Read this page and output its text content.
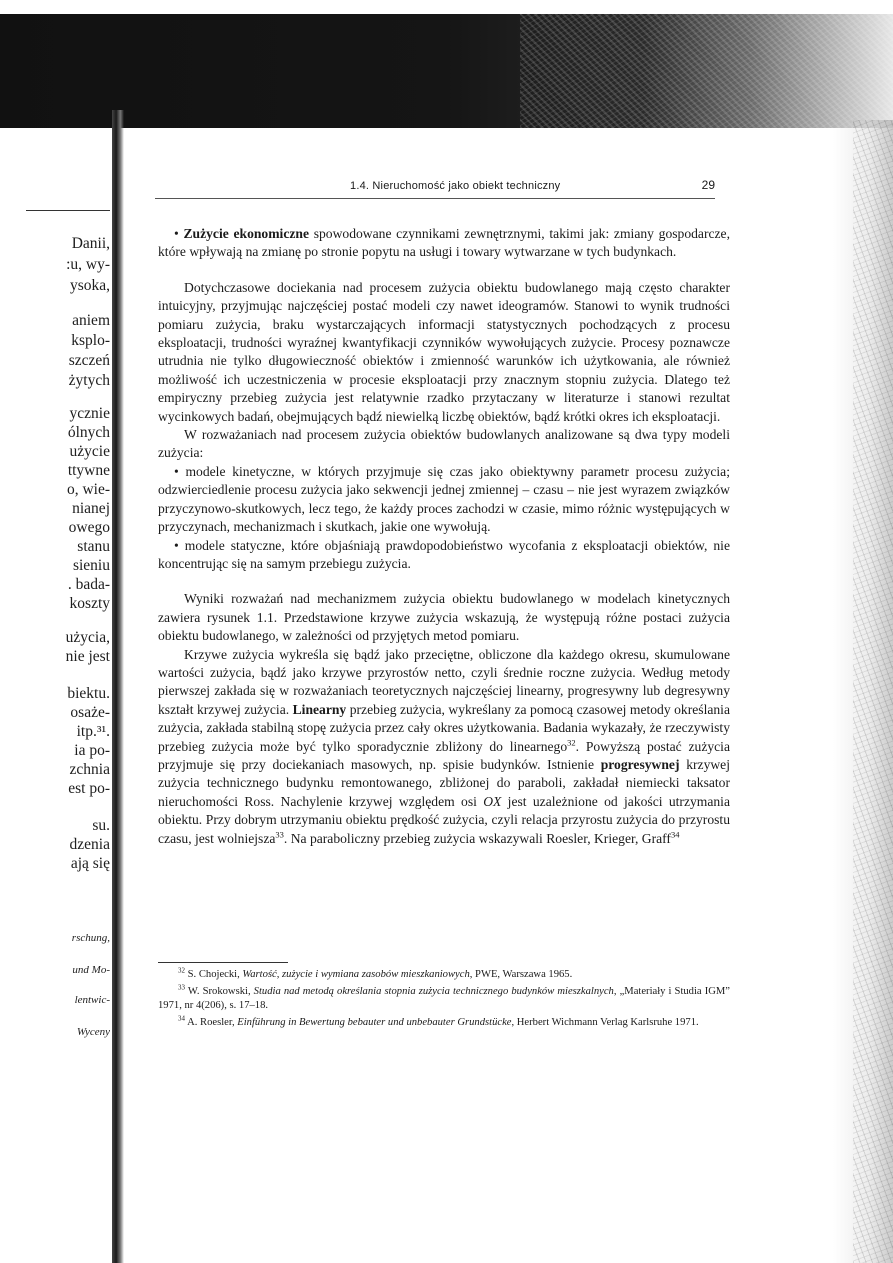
Danii,
:u, wy-
ysoka,
aniem
ksplo-
szczeń
żytych
ycznie
ólnych
użycie
ttywne
o, wie-
nianej
owego
stanu
sieniu
. bada-
koszty
użycia,
nie jest
biektu.
osaże-
itp.³¹.
ia po-
zchnia
est po-
su.
dzenia
ają się
rschung,
und Mo-
lentwic-
Wyceny
1.4. Nieruchomość jako obiekt techniczny	29

• Zużycie ekonomiczne spowodowane czynnikami zewnętrznymi, takimi jak: zmiany gospodarcze, które wpływają na zmianę po stronie popytu na usługi i towary wytwarzane w tych budynkach.

Dotychczasowe dociekania nad procesem zużycia obiektu budowlanego mają często charakter intuicyjny, przyjmując najczęściej postać modeli czy nawet ideogramów. Stanowi to wynik trudności pomiaru zużycia, braku wystarczających informacji statystycznych pochodzących z procesu eksploatacji, trudności wyraźnej kwantyfikacji czynników wywołujących zużycie. Procesy poznawcze utrudnia nie tylko długowieczność obiektów i zmienność warunków ich użytkowania, ale również możliwość ich uczestniczenia w procesie eksploatacji przy znacznym stopniu zużycia. Dlatego też empiryczny przebieg zużycia jest relatywnie rzadko przytaczany w literaturze i stanowi rezultat wycinkowych badań, obejmujących bądź niewielką liczbę obiektów, bądź krótki okres ich eksploatacji.

W rozważaniach nad procesem zużycia obiektów budowlanych analizowane są dwa typy modeli zużycia:

• modele kinetyczne, w których przyjmuje się czas jako obiektywny parametr procesu zużycia; odzwierciedlenie procesu zużycia jako sekwencji jednej zmiennej – czasu – nie jest wyrazem związków przyczynowo-skutkowych, lecz tego, że każdy proces zachodzi w czasie, mimo różnic występujących w przyczynach, mechanizmach i skutkach, jakie one wywołują.

• modele statyczne, które objaśniają prawdopodobieństwo wycofania z eksploatacji obiektów, nie koncentrując się na samym przebiegu zużycia.

Wyniki rozważań nad mechanizmem zużycia obiektu budowlanego w modelach kinetycznych zawiera rysunek 1.1. Przedstawione krzywe zużycia wskazują, że występują różne postaci zużycia obiektu budowlanego, w zależności od przyjętych metod pomiaru.

Krzywe zużycia wykreśla się bądź jako przeciętne, obliczone dla każdego okresu, skumulowane wartości zużycia, bądź jako krzywe przyrostów netto, czyli średnie roczne zużycia. Według metody pierwszej zakłada się w rozważaniach teoretycznych najczęściej linearny, progresywny lub degresywny kształt krzywej zużycia. Linearny przebieg zużycia, wykreślany za pomocą czasowej metody określania zużycia, zakłada stabilną stopę zużycia przez cały okres użytkowania. Badania wykazały, że rzeczywisty przebieg zużycia może być tylko sporadycznie zbliżony do linearnego$^{32}$. Powyższą postać zużycia przyjmuje się przy dociekaniach masowych, np. spisie budynków. Istnienie progresywnej krzywej zużycia technicznego budynku remontowanego, zbliżonej do paraboli, zakładał niemiecki taksator nieruchomości Ross. Nachylenie krzywej względem osi OX jest uzależnione od jakości utrzymania obiektu. Przy dobrym utrzymaniu obiektu prędkość zużycia, czyli relacja przyrostu zużycia do przyrostu czasu, jest wolniejsza$^{33}$. Na paraboliczny przebieg zużycia wskazywali Roesler, Krieger, Graff$^{34}$

$^{32}$ S. Chojecki, Wartość, zużycie i wymiana zasobów mieszkaniowych, PWE, Warszawa 1965.

$^{33}$ W. Srokowski, Studia nad metodą określania stopnia zużycia technicznego budynków mieszkalnych, „Materiały i Studia IGM” 1971, nr 4(206), s. 17–18.

$^{34}$ A. Roesler, Einführung in Bewertung bebauter und unbebauter Grundstücke, Herbert Wichmann Verlag Karlsruhe 1971.
